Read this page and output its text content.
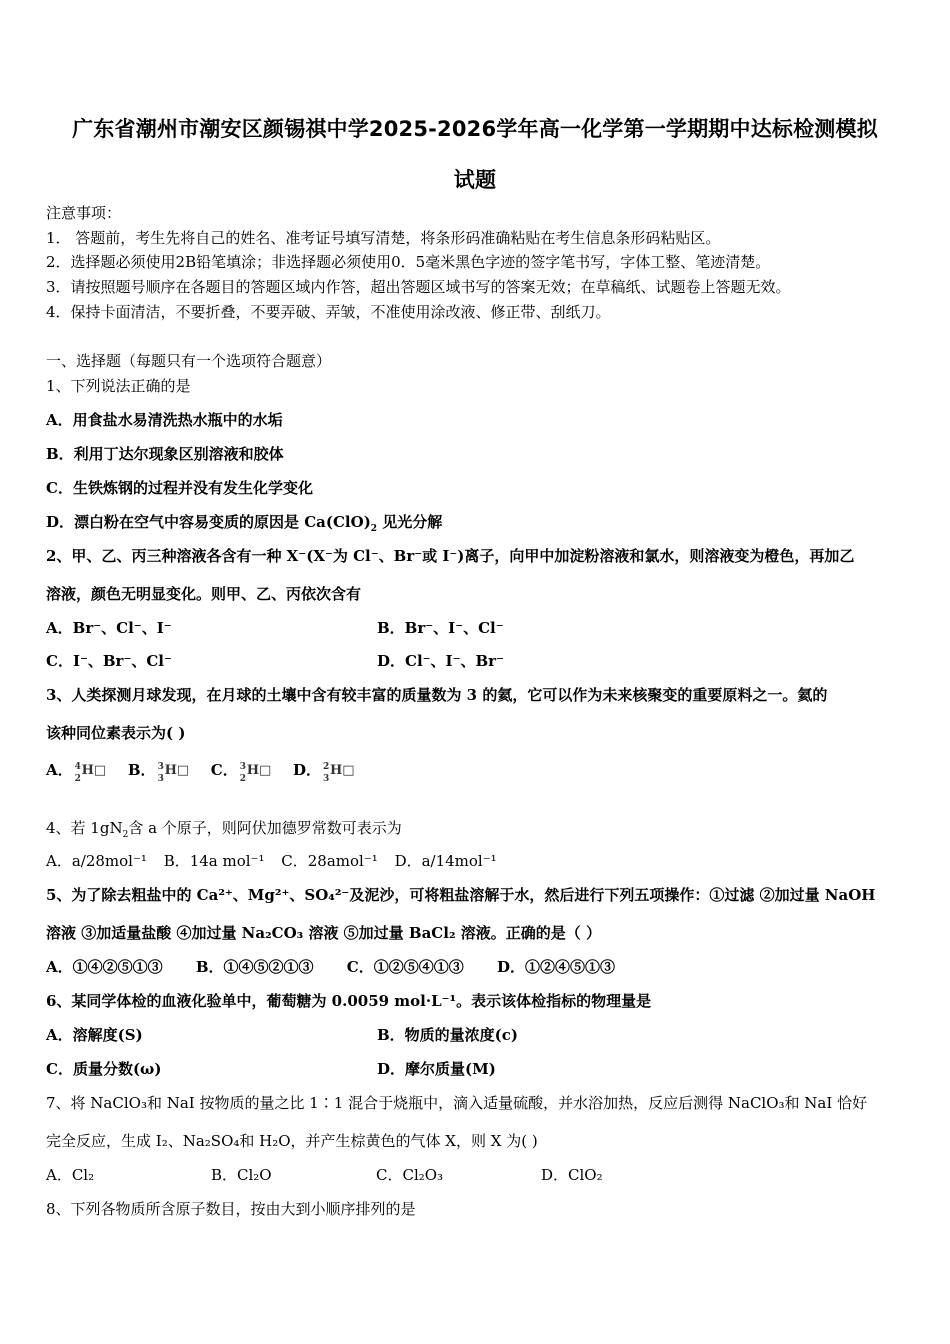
广东省潮州市潮安区颜锡祺中学2025-2026学年高一化学第一学期期中达标检测模拟
试题
注意事项：
1． 答题前，考生先将自己的姓名、准考证号填写清楚，将条形码准确粘贴在考生信息条形码粘贴区。
2．选择题必须使用2B铅笔填涂；非选择题必须使用0．5毫米黑色字迹的签字笔书写，字体工整、笔迹清楚。
3．请按照题号顺序在各题目的答题区域内作答，超出答题区域书写的答案无效；在草稿纸、试题卷上答题无效。
4．保持卡面清洁，不要折叠，不要弄破、弄皱，不准使用涂改液、修正带、刮纸刀。
一、选择题（每题只有一个选项符合题意）
1、下列说法正确的是
A．用食盐水易清洗热水瓶中的水垢
B．利用丁达尔现象区别溶液和胶体
C．生铁炼钢的过程并没有发生化学变化
D．漂白粉在空气中容易变质的原因是 $Ca(ClO)_2$ 见光分解
2、甲、乙、丙三种溶液各含有一种 X⁻(X⁻为 Cl⁻、Br⁻或 I⁻)离子，向甲中加淀粉溶液和氯水，则溶液变为橙色，再加乙
溶液，颜色无明显变化。则甲、乙、丙依次含有
A．Br⁻、Cl⁻、I⁻	B．Br⁻、I⁻、Cl⁻
C．I⁻、Br⁻、Cl⁻	D．Cl⁻、I⁻、Br⁻
3、人类探测月球发现，在月球的土壤中含有较丰富的质量数为 3 的氦，它可以作为未来核聚变的重要原料之一。氦的
该种同位素表示为( )
A． 4
2
H□ B． 3
3
H□ C． 3
2
H□ D． 2
3
H□
4、若 $1gN_2$含 a 个原子，则阿伏加德罗常数可表示为
A．a/28mol⁻¹ B．14a mol⁻¹ C．28amol⁻¹ D．a/14mol⁻¹
5、为了除去粗盐中的 Ca²⁺、Mg²⁺、SO₄²⁻及泥沙，可将粗盐溶解于水，然后进行下列五项操作：①过滤 ②加过量 NaOH
溶液 ③加适量盐酸 ④加过量 Na₂CO₃ 溶液 ⑤加过量 BaCl₂ 溶液。正确的是（ ）
A．①④②⑤①③ B．①④⑤②①③ C．①②⑤④①③ D．①②④⑤①③
6、某同学体检的血液化验单中，葡萄糖为 0.0059 mol·L⁻¹。表示该体检指标的物理量是
A．溶解度(S)	B．物质的量浓度(c)
C．质量分数(ω)	D．摩尔质量(M)
7、将 NaClO₃和 NaI 按物质的量之比 1∶1 混合于烧瓶中，滴入适量硫酸，并水浴加热，反应后测得 NaClO₃和 NaI 恰好
完全反应，生成 I₂、Na₂SO₄和 H₂O，并产生棕黄色的气体 X，则 X 为( )
A．Cl₂	B．Cl₂O	C．Cl₂O₃	D．ClO₂
8、下列各物质所含原子数目，按由大到小顺序排列的是
